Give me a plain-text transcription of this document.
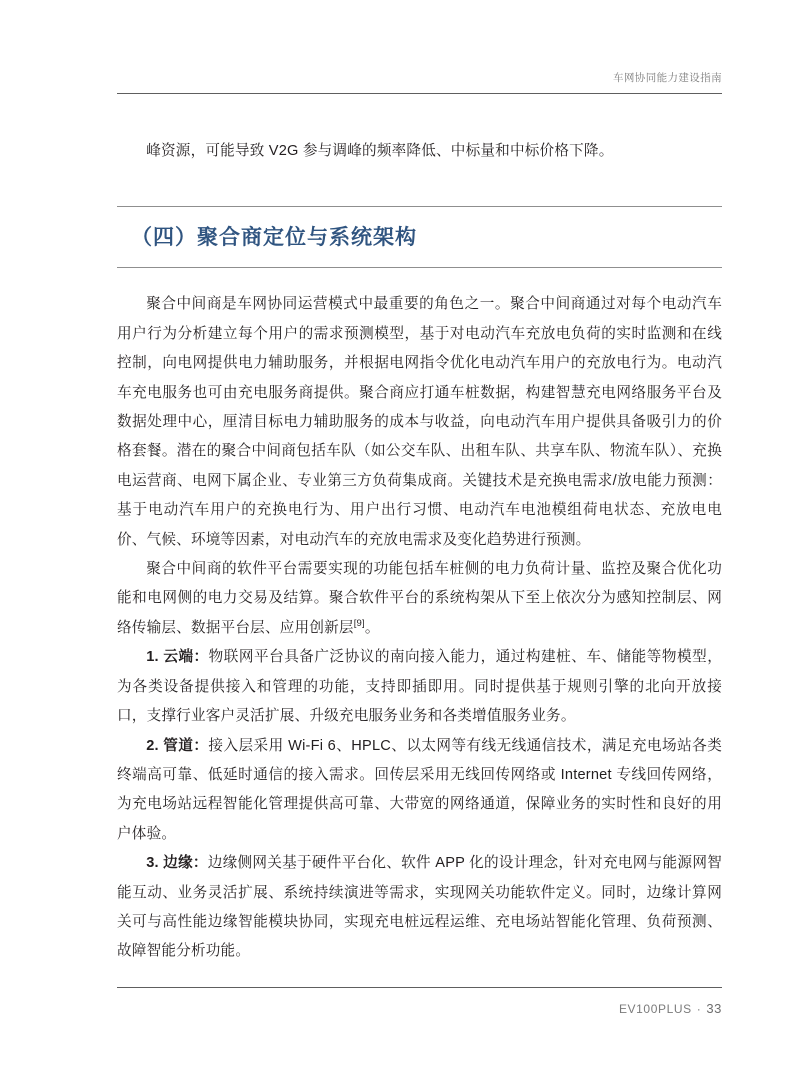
车网协同能力建设指南

峰资源，可能导致 V2G 参与调峰的频率降低、中标量和中标价格下降。

（四）聚合商定位与系统架构

聚合中间商是车网协同运营模式中最重要的角色之一。聚合中间商通过对每个电动汽车用户行为分析建立每个用户的需求预测模型，基于对电动汽车充放电负荷的实时监测和在线控制，向电网提供电力辅助服务，并根据电网指令优化电动汽车用户的充放电行为。电动汽车充电服务也可由充电服务商提供。聚合商应打通车桩数据，构建智慧充电网络服务平台及数据处理中心，厘清目标电力辅助服务的成本与收益，向电动汽车用户提供具备吸引力的价格套餐。潜在的聚合中间商包括车队（如公交车队、出租车队、共享车队、物流车队）、充换电运营商、电网下属企业、专业第三方负荷集成商。关键技术是充换电需求/放电能力预测：基于电动汽车用户的充换电行为、用户出行习惯、电动汽车电池模组荷电状态、充放电电价、气候、环境等因素，对电动汽车的充放电需求及变化趋势进行预测。

聚合中间商的软件平台需要实现的功能包括车桩侧的电力负荷计量、监控及聚合优化功能和电网侧的电力交易及结算。聚合软件平台的系统构架从下至上依次分为感知控制层、网络传输层、数据平台层、应用创新层[9]。

1. 云端：物联网平台具备广泛协议的南向接入能力，通过构建桩、车、储能等物模型，为各类设备提供接入和管理的功能，支持即插即用。同时提供基于规则引擎的北向开放接口，支撑行业客户灵活扩展、升级充电服务业务和各类增值服务业务。

2. 管道：接入层采用 Wi-Fi 6、HPLC、以太网等有线无线通信技术，满足充电场站各类终端高可靠、低延时通信的接入需求。回传层采用无线回传网络或 Internet 专线回传网络，为充电场站远程智能化管理提供高可靠、大带宽的网络通道，保障业务的实时性和良好的用户体验。

3. 边缘：边缘侧网关基于硬件平台化、软件 APP 化的设计理念，针对充电网与能源网智能互动、业务灵活扩展、系统持续演进等需求，实现网关功能软件定义。同时，边缘计算网关可与高性能边缘智能模块协同，实现充电桩远程运维、充电场站智能化管理、负荷预测、故障智能分析功能。

EV100PLUS · 33
